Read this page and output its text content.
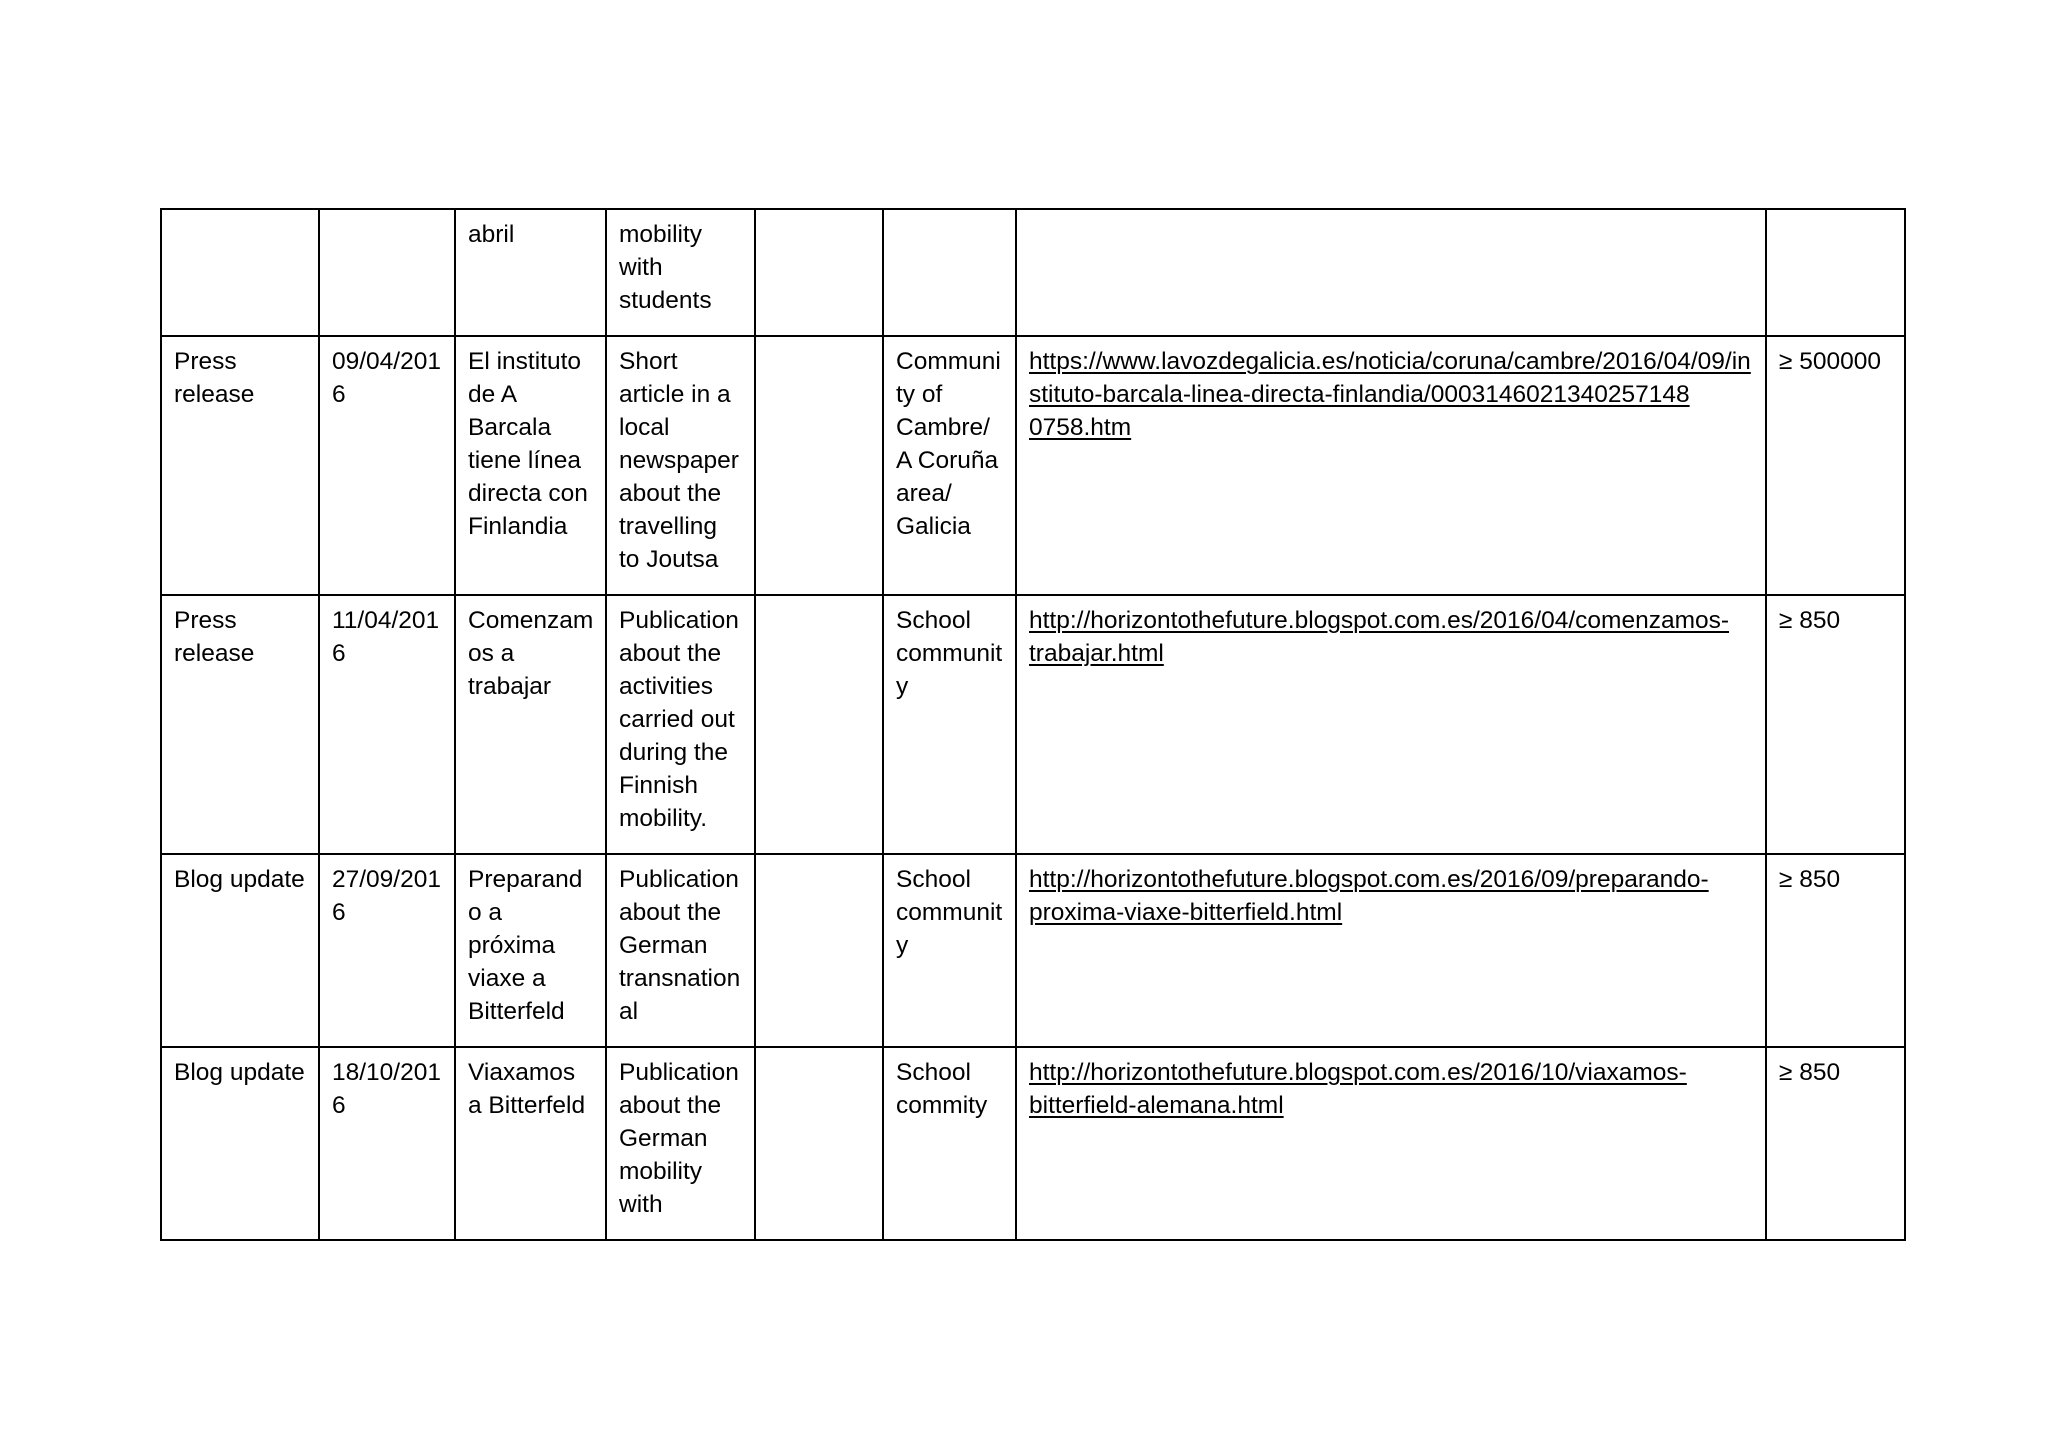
		abril	mobility with students				
Press release	09/04/2016	El instituto de A Barcala tiene línea directa con Finlandia	Short article in a local newspaper about the travelling to Joutsa		Community of Cambre/ A Coruña area/ Galicia	https://www.lavozdegalicia.es/noticia/coruna/cambre/2016/04/09/instituto-barcala-linea-directa-finlandia/0003146021340257148 0758.htm	≥ 500000
Press release	11/04/2016	Comenzamos a trabajar	Publication about the activities carried out during the Finnish mobility.		School community	http://horizontothefuture.blogspot.com.es/2016/04/comenzamos-trabajar.html	≥ 850
Blog update	27/09/2016	Preparando a próxima viaxe a Bitterfeld	Publication about the German transnational		School community	http://horizontothefuture.blogspot.com.es/2016/09/preparando-proxima-viaxe-bitterfield.html	≥ 850
Blog update	18/10/2016	Viaxamos a Bitterfeld	Publication about the German mobility with		School commity	http://horizontothefuture.blogspot.com.es/2016/10/viaxamos-bitterfield-alemana.html	≥ 850
